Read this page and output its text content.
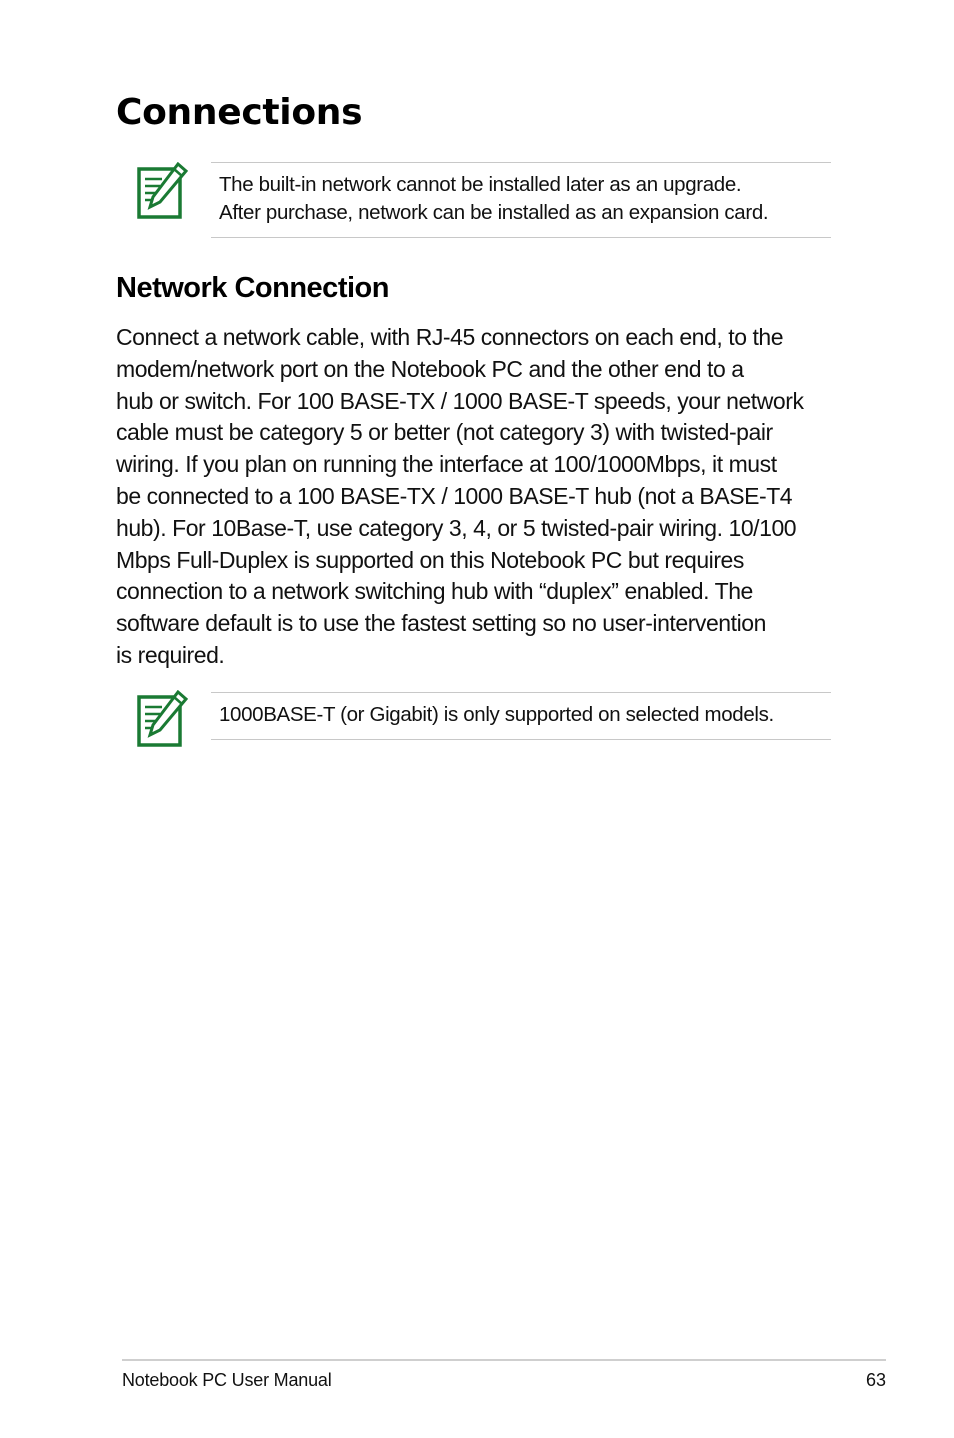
Connections
The built-in network cannot be installed later as an upgrade.
After purchase, network can be installed as an expansion card.
Network Connection
Connect a network cable, with RJ-45 connectors on each end, to the
modem/network port on the Notebook PC and the other end to a
hub or switch. For 100 BASE-TX / 1000 BASE-T speeds, your network
cable must be category 5 or better (not category 3) with twisted-pair
wiring. If you plan on running the interface at 100/1000Mbps, it must
be connected to a 100 BASE-TX / 1000 BASE-T hub (not a BASE-T4
hub). For 10Base-T, use category 3, 4, or 5 twisted-pair wiring. 10/100
Mbps Full-Duplex is supported on this Notebook PC but requires
connection to a network switching hub with “duplex” enabled. The
software default is to use the fastest setting so no user-intervention
is required.
1000BASE-T (or Gigabit) is only supported on selected models.
Notebook PC User Manual	63
